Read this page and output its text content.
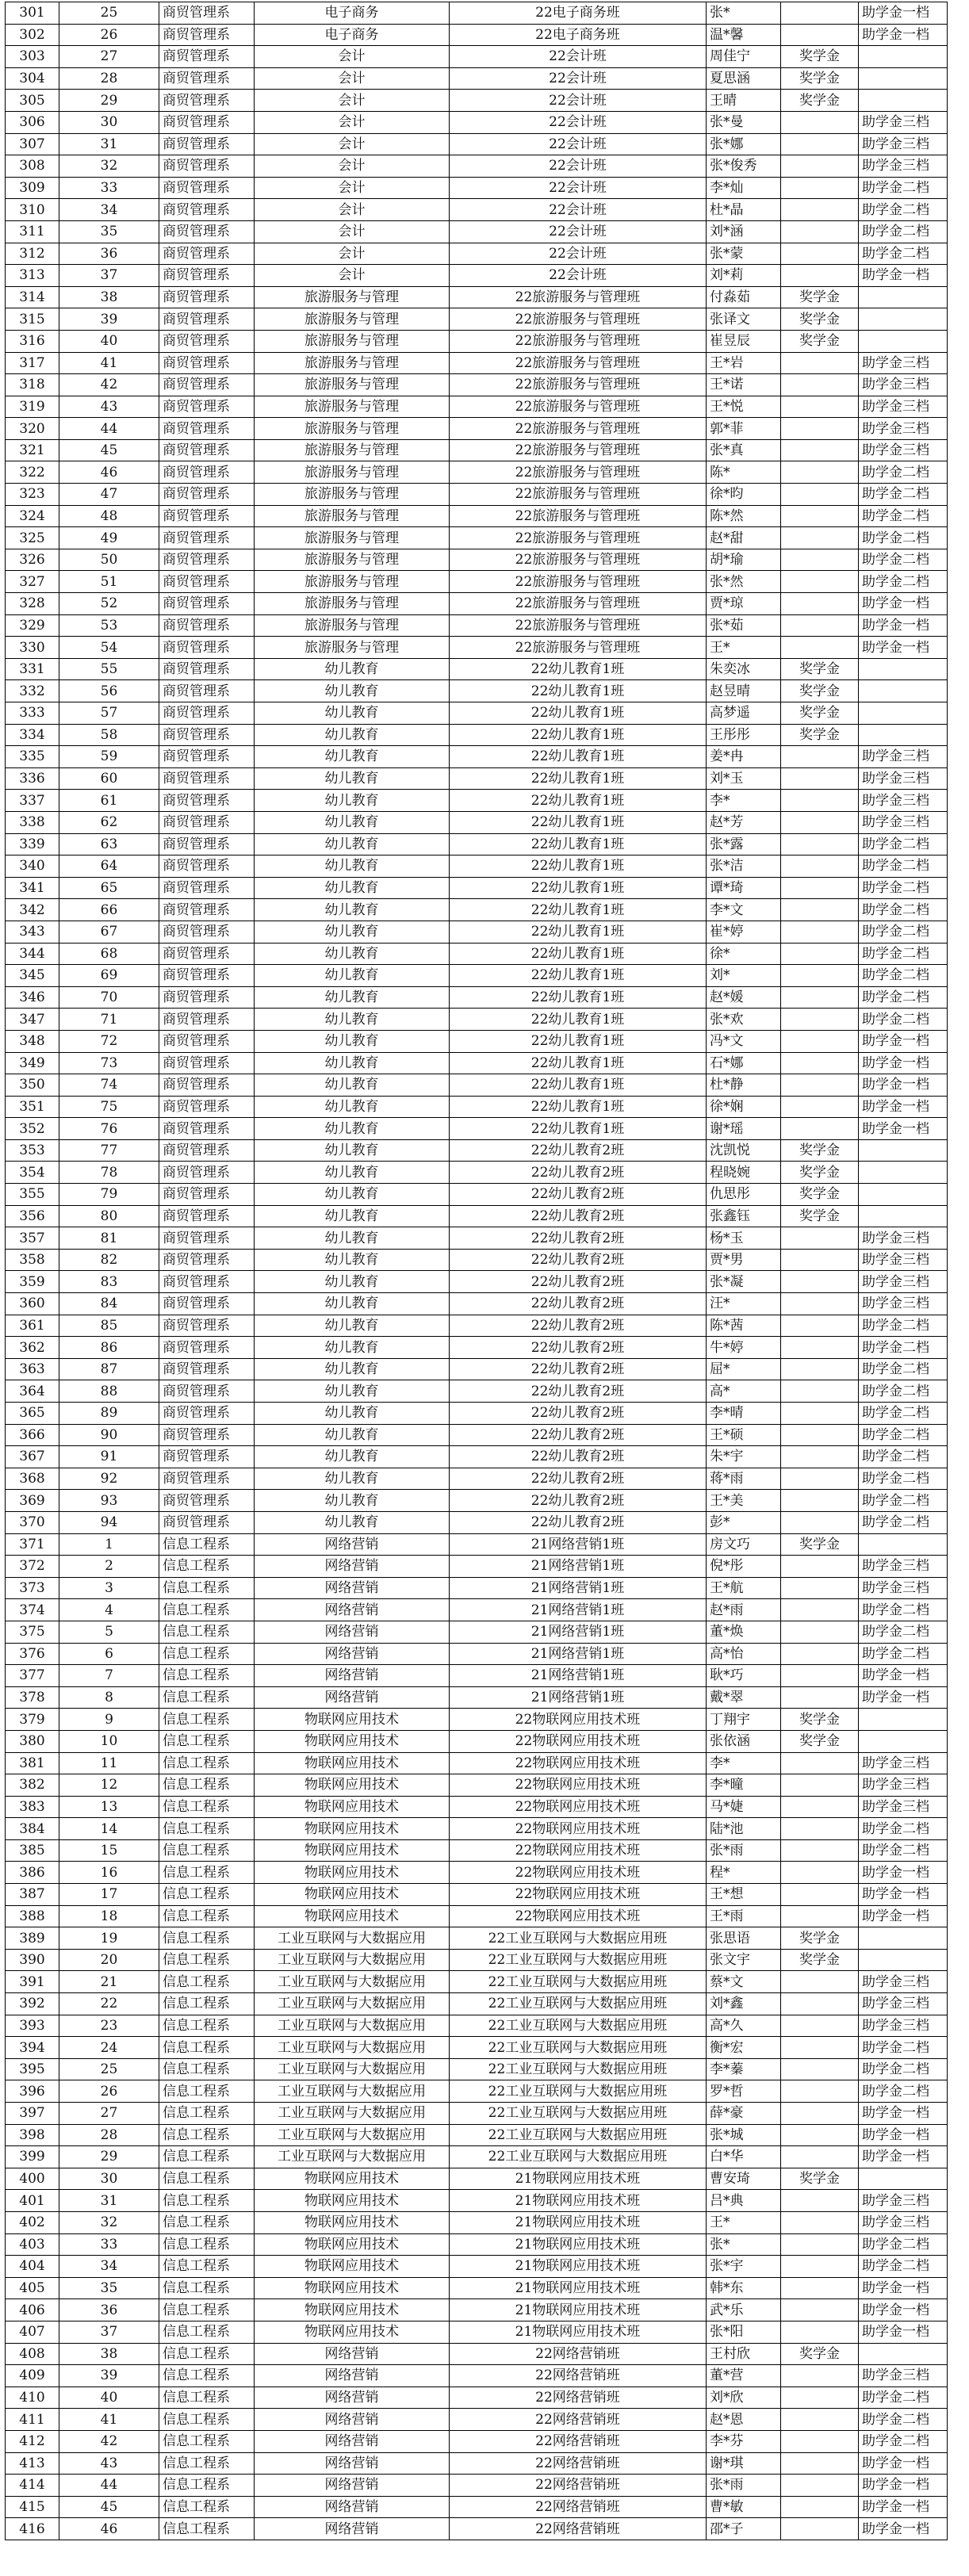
301	25	商贸管理系	电子商务	22电子商务班	张*		助学金一档
302	26	商贸管理系	电子商务	22电子商务班	温*馨		助学金一档
303	27	商贸管理系	会计	22会计班	周佳宁	奖学金	
304	28	商贸管理系	会计	22会计班	夏思涵	奖学金	
305	29	商贸管理系	会计	22会计班	王晴	奖学金	
306	30	商贸管理系	会计	22会计班	张*曼		助学金三档
307	31	商贸管理系	会计	22会计班	张*娜		助学金三档
308	32	商贸管理系	会计	22会计班	张*俊秀		助学金三档
309	33	商贸管理系	会计	22会计班	李*灿		助学金二档
310	34	商贸管理系	会计	22会计班	杜*晶		助学金二档
311	35	商贸管理系	会计	22会计班	刘*涵		助学金二档
312	36	商贸管理系	会计	22会计班	张*蒙		助学金二档
313	37	商贸管理系	会计	22会计班	刘*莉		助学金一档
314	38	商贸管理系	旅游服务与管理	22旅游服务与管理班	付淼茹	奖学金	
315	39	商贸管理系	旅游服务与管理	22旅游服务与管理班	张译文	奖学金	
316	40	商贸管理系	旅游服务与管理	22旅游服务与管理班	崔昱辰	奖学金	
317	41	商贸管理系	旅游服务与管理	22旅游服务与管理班	王*岩		助学金三档
318	42	商贸管理系	旅游服务与管理	22旅游服务与管理班	王*诺		助学金三档
319	43	商贸管理系	旅游服务与管理	22旅游服务与管理班	王*悦		助学金三档
320	44	商贸管理系	旅游服务与管理	22旅游服务与管理班	郭*菲		助学金三档
321	45	商贸管理系	旅游服务与管理	22旅游服务与管理班	张*真		助学金三档
322	46	商贸管理系	旅游服务与管理	22旅游服务与管理班	陈*		助学金二档
323	47	商贸管理系	旅游服务与管理	22旅游服务与管理班	徐*昀		助学金二档
324	48	商贸管理系	旅游服务与管理	22旅游服务与管理班	陈*然		助学金二档
325	49	商贸管理系	旅游服务与管理	22旅游服务与管理班	赵*甜		助学金二档
326	50	商贸管理系	旅游服务与管理	22旅游服务与管理班	胡*瑜		助学金二档
327	51	商贸管理系	旅游服务与管理	22旅游服务与管理班	张*然		助学金二档
328	52	商贸管理系	旅游服务与管理	22旅游服务与管理班	贾*琼		助学金一档
329	53	商贸管理系	旅游服务与管理	22旅游服务与管理班	张*茹		助学金一档
330	54	商贸管理系	旅游服务与管理	22旅游服务与管理班	王*		助学金一档
331	55	商贸管理系	幼儿教育	22幼儿教育1班	朱奕冰	奖学金	
332	56	商贸管理系	幼儿教育	22幼儿教育1班	赵昱晴	奖学金	
333	57	商贸管理系	幼儿教育	22幼儿教育1班	高梦遥	奖学金	
334	58	商贸管理系	幼儿教育	22幼儿教育1班	王彤彤	奖学金	
335	59	商贸管理系	幼儿教育	22幼儿教育1班	姜*冉		助学金三档
336	60	商贸管理系	幼儿教育	22幼儿教育1班	刘*玉		助学金三档
337	61	商贸管理系	幼儿教育	22幼儿教育1班	李*		助学金三档
338	62	商贸管理系	幼儿教育	22幼儿教育1班	赵*芳		助学金三档
339	63	商贸管理系	幼儿教育	22幼儿教育1班	张*露		助学金二档
340	64	商贸管理系	幼儿教育	22幼儿教育1班	张*洁		助学金二档
341	65	商贸管理系	幼儿教育	22幼儿教育1班	谭*琦		助学金二档
342	66	商贸管理系	幼儿教育	22幼儿教育1班	李*文		助学金二档
343	67	商贸管理系	幼儿教育	22幼儿教育1班	崔*婷		助学金二档
344	68	商贸管理系	幼儿教育	22幼儿教育1班	徐*		助学金二档
345	69	商贸管理系	幼儿教育	22幼儿教育1班	刘*		助学金二档
346	70	商贸管理系	幼儿教育	22幼儿教育1班	赵*媛		助学金二档
347	71	商贸管理系	幼儿教育	22幼儿教育1班	张*欢		助学金二档
348	72	商贸管理系	幼儿教育	22幼儿教育1班	冯*文		助学金一档
349	73	商贸管理系	幼儿教育	22幼儿教育1班	石*娜		助学金一档
350	74	商贸管理系	幼儿教育	22幼儿教育1班	杜*静		助学金一档
351	75	商贸管理系	幼儿教育	22幼儿教育1班	徐*娴		助学金一档
352	76	商贸管理系	幼儿教育	22幼儿教育1班	谢*瑶		助学金一档
353	77	商贸管理系	幼儿教育	22幼儿教育2班	沈凯悦	奖学金	
354	78	商贸管理系	幼儿教育	22幼儿教育2班	程晓婉	奖学金	
355	79	商贸管理系	幼儿教育	22幼儿教育2班	仇思彤	奖学金	
356	80	商贸管理系	幼儿教育	22幼儿教育2班	张鑫钰	奖学金	
357	81	商贸管理系	幼儿教育	22幼儿教育2班	杨*玉		助学金三档
358	82	商贸管理系	幼儿教育	22幼儿教育2班	贾*男		助学金三档
359	83	商贸管理系	幼儿教育	22幼儿教育2班	张*凝		助学金三档
360	84	商贸管理系	幼儿教育	22幼儿教育2班	汪*		助学金三档
361	85	商贸管理系	幼儿教育	22幼儿教育2班	陈*茜		助学金二档
362	86	商贸管理系	幼儿教育	22幼儿教育2班	牛*婷		助学金二档
363	87	商贸管理系	幼儿教育	22幼儿教育2班	屈*		助学金二档
364	88	商贸管理系	幼儿教育	22幼儿教育2班	高*		助学金二档
365	89	商贸管理系	幼儿教育	22幼儿教育2班	李*晴		助学金二档
366	90	商贸管理系	幼儿教育	22幼儿教育2班	王*硕		助学金二档
367	91	商贸管理系	幼儿教育	22幼儿教育2班	朱*宇		助学金二档
368	92	商贸管理系	幼儿教育	22幼儿教育2班	蒋*雨		助学金二档
369	93	商贸管理系	幼儿教育	22幼儿教育2班	王*美		助学金二档
370	94	商贸管理系	幼儿教育	22幼儿教育2班	彭*		助学金二档
371	1	信息工程系	网络营销	21网络营销1班	房文巧	奖学金	
372	2	信息工程系	网络营销	21网络营销1班	倪*彤		助学金三档
373	3	信息工程系	网络营销	21网络营销1班	王*航		助学金三档
374	4	信息工程系	网络营销	21网络营销1班	赵*雨		助学金二档
375	5	信息工程系	网络营销	21网络营销1班	董*焕		助学金二档
376	6	信息工程系	网络营销	21网络营销1班	高*怡		助学金二档
377	7	信息工程系	网络营销	21网络营销1班	耿*巧		助学金一档
378	8	信息工程系	网络营销	21网络营销1班	戴*翠		助学金一档
379	9	信息工程系	物联网应用技术	22物联网应用技术班	丁翔宇	奖学金	
380	10	信息工程系	物联网应用技术	22物联网应用技术班	张依涵	奖学金	
381	11	信息工程系	物联网应用技术	22物联网应用技术班	李*		助学金三档
382	12	信息工程系	物联网应用技术	22物联网应用技术班	李*曈		助学金三档
383	13	信息工程系	物联网应用技术	22物联网应用技术班	马*婕		助学金三档
384	14	信息工程系	物联网应用技术	22物联网应用技术班	陆*池		助学金二档
385	15	信息工程系	物联网应用技术	22物联网应用技术班	张*雨		助学金二档
386	16	信息工程系	物联网应用技术	22物联网应用技术班	程*		助学金一档
387	17	信息工程系	物联网应用技术	22物联网应用技术班	王*想		助学金一档
388	18	信息工程系	物联网应用技术	22物联网应用技术班	王*雨		助学金一档
389	19	信息工程系	工业互联网与大数据应用	22工业互联网与大数据应用班	张思语	奖学金	
390	20	信息工程系	工业互联网与大数据应用	22工业互联网与大数据应用班	张文宇	奖学金	
391	21	信息工程系	工业互联网与大数据应用	22工业互联网与大数据应用班	蔡*文		助学金三档
392	22	信息工程系	工业互联网与大数据应用	22工业互联网与大数据应用班	刘*鑫		助学金三档
393	23	信息工程系	工业互联网与大数据应用	22工业互联网与大数据应用班	高*久		助学金三档
394	24	信息工程系	工业互联网与大数据应用	22工业互联网与大数据应用班	衡*宏		助学金二档
395	25	信息工程系	工业互联网与大数据应用	22工业互联网与大数据应用班	李*蓁		助学金二档
396	26	信息工程系	工业互联网与大数据应用	22工业互联网与大数据应用班	罗*哲		助学金二档
397	27	信息工程系	工业互联网与大数据应用	22工业互联网与大数据应用班	薛*豪		助学金一档
398	28	信息工程系	工业互联网与大数据应用	22工业互联网与大数据应用班	张*城		助学金一档
399	29	信息工程系	工业互联网与大数据应用	22工业互联网与大数据应用班	白*华		助学金一档
400	30	信息工程系	物联网应用技术	21物联网应用技术班	曹安琦	奖学金	
401	31	信息工程系	物联网应用技术	21物联网应用技术班	吕*典		助学金三档
402	32	信息工程系	物联网应用技术	21物联网应用技术班	王*		助学金三档
403	33	信息工程系	物联网应用技术	21物联网应用技术班	张*		助学金二档
404	34	信息工程系	物联网应用技术	21物联网应用技术班	张*宇		助学金二档
405	35	信息工程系	物联网应用技术	21物联网应用技术班	韩*东		助学金一档
406	36	信息工程系	物联网应用技术	21物联网应用技术班	武*乐		助学金一档
407	37	信息工程系	物联网应用技术	21物联网应用技术班	张*阳		助学金一档
408	38	信息工程系	网络营销	22网络营销班	王村欣	奖学金	
409	39	信息工程系	网络营销	22网络营销班	董*营		助学金三档
410	40	信息工程系	网络营销	22网络营销班	刘*欣		助学金二档
411	41	信息工程系	网络营销	22网络营销班	赵*恩		助学金二档
412	42	信息工程系	网络营销	22网络营销班	李*芬		助学金二档
413	43	信息工程系	网络营销	22网络营销班	谢*琪		助学金一档
414	44	信息工程系	网络营销	22网络营销班	张*雨		助学金一档
415	45	信息工程系	网络营销	22网络营销班	曹*敏		助学金一档
416	46	信息工程系	网络营销	22网络营销班	邵*子		助学金一档
